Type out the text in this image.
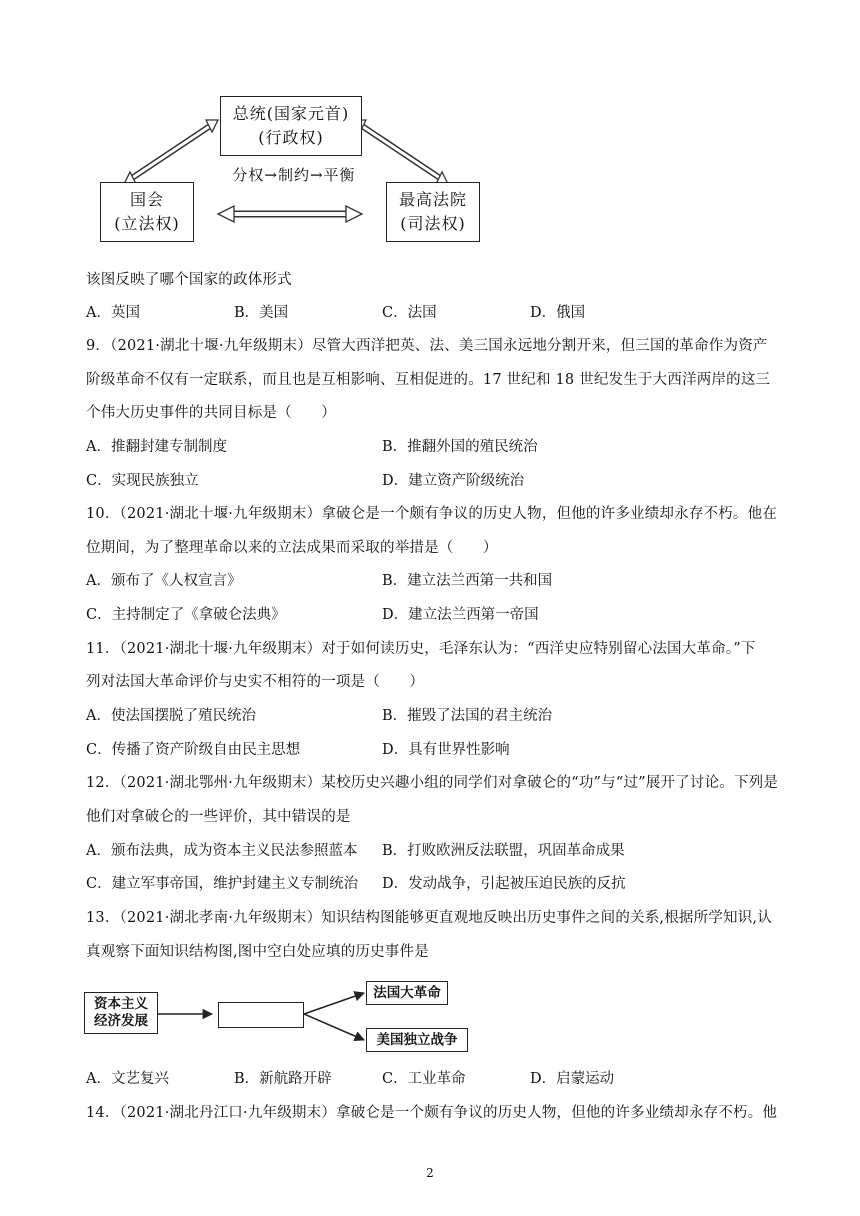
总统(国家元首)
(行政权)
分权→制约→平衡
国会
(立法权)
最高法院
(司法权)
该图反映了哪个国家的政体形式
A．英国	B．美国	C．法国	D．俄国
9．（2021·湖北十堰·九年级期末）尽管大西洋把英、法、美三国永远地分割开来，但三国的革命作为资产
阶级革命不仅有一定联系，而且也是互相影响、互相促进的。17 世纪和 18 世纪发生于大西洋两岸的这三
个伟大历史事件的共同目标是（　　）
A．推翻封建专制制度	B．推翻外国的殖民统治
C．实现民族独立	D．建立资产阶级统治
10．（2021·湖北十堰·九年级期末）拿破仑是一个颇有争议的历史人物，但他的许多业绩却永存不朽。他在
位期间，为了整理革命以来的立法成果而采取的举措是（　　）
A．颁布了《人权宣言》	B．建立法兰西第一共和国
C．主持制定了《拿破仑法典》	D．建立法兰西第一帝国
11．（2021·湖北十堰·九年级期末）对于如何读历史，毛泽东认为：“西洋史应特别留心法国大革命。”下
列对法国大革命评价与史实不相符的一项是（　　）
A．使法国摆脱了殖民统治	B．摧毁了法国的君主统治
C．传播了资产阶级自由民主思想	D．具有世界性影响
12．（2021·湖北鄂州·九年级期末）某校历史兴趣小组的同学们对拿破仑的“功”与“过”展开了讨论。下列是
他们对拿破仑的一些评价，其中错误的是
A．颁布法典，成为资本主义民法参照蓝本 B．打败欧洲反法联盟，巩固革命成果
C．建立军事帝国，维护封建主义专制统治 D．发动战争，引起被压迫民族的反抗
13．（2021·湖北孝南·九年级期末）知识结构图能够更直观地反映出历史事件之间的关系,根据所学知识,认
真观察下面知识结构图,图中空白处应填的历史事件是
资本主义
经济发展
法国大革命
美国独立战争
A．文艺复兴	B．新航路开辟	C．工业革命	D．启蒙运动
14．（2021·湖北丹江口·九年级期末）拿破仑是一个颇有争议的历史人物，但他的许多业绩却永存不朽。他
2
